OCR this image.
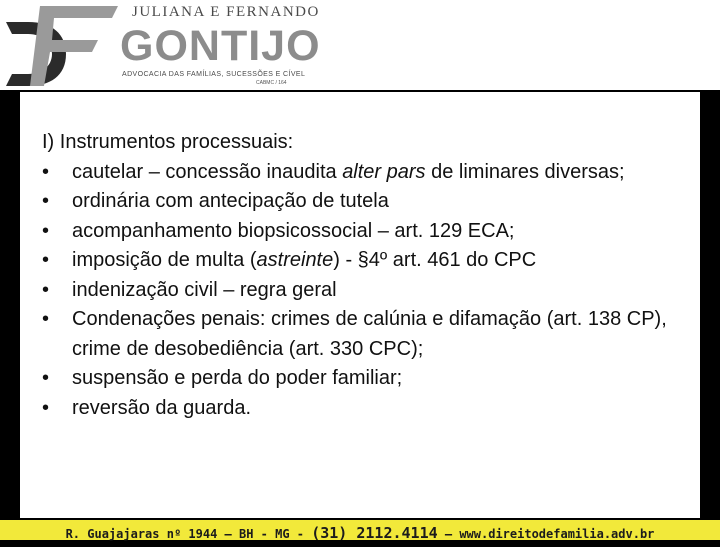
JULIANA E FERNANDO
GONTIJO
ADVOCACIA DAS FAMÍLIAS, SUCESSÕES E CÍVEL
CABMC / 164

I) Instrumentos processuais:

•	cautelar – concessão inaudita alter pars de liminares diversas;
•	ordinária com antecipação de tutela
•	acompanhamento biopsicossocial – art. 129 ECA;
•	imposição de multa (astreinte) - §4º art. 461 do CPC
•	indenização civil – regra geral
•	Condenações penais: crimes de calúnia e difamação (art. 138 CP), crime de desobediência (art. 330 CPC);
•	suspensão e perda do poder familiar;
•	reversão da guarda.
R. Guajajaras nº 1944 – BH - MG - (31) 2112.4114 – www.direitodefamilia.adv.br
